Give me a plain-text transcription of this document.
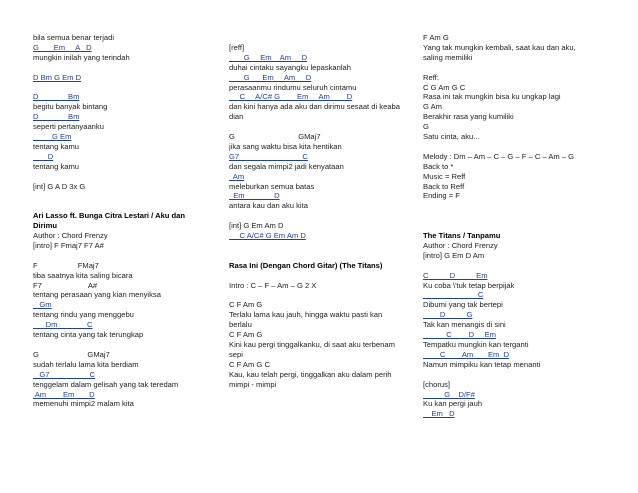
bila semua benar terjadi
G       Em     A   D
mungkin inilah yang terindah
D Bm G Em D
D              Bm
begitu banyak bintang
D              Bm
seperti pertanyaanku
G Em
tentang kamu
D
tentang kamu
[int] G A D 3x G
Ari Lasso ft. Bunga Citra Lestari / Aku dan
Dirimu
Author : Chord Frenzy
[intro] F Fmaj7 F7 A#
F                   FMaj7
tiba saatnya kita saling bicara
F7                      A#
tentang perasaan yang kian menyiksa
Gm
tentang rindu yang menggebu
Dm              C
tentang cinta yang tak terungkap
G                       GMaj7
sudah terlalu lama kita berdiam
G7                   C
tenggelam dalam gelisah yang tak teredam
Am        Em       D
memenuhi mimpi2 malam kita
[reff]
G     Em    Am     D
duhai cintaku sayangku lepaskanlah
G      Em     Am     D
perasaanmu rindumu seluruh cintamu
C     A/C# G        Em     Am        D
dan kini hanya ada aku dan dirimu sesaat di keaba
dian
G                              GMaj7
jika sang waktu bisa kita hentikan
G7                              C
dan segala mimpi2 jadi kenyataan
Am
meleburkan semua batas
Em              D
antara kau dan aku kita
[int] G Em Am D
C A/C# G Em Am D
Rasa Ini (Dengan Chord Gitar) (The Titans)
Intro : C – F – Am – G 2 X
C F Am G
Terlalu lama kau jauh, hingga waktu pasti kan
berlalu
C F Am G
Kini kau pergi tinggalkanku, di saat aku terbenam
sepi
C F Am G C
Kau, kau telah pergi, tinggalkan aku dalam perih
mimpi - mimpi
F Am G
Yang tak mungkin kembali, saat kau dan aku,
saling memiliki
Reff:
C G Am G C
Rasa ini tak mungkin bisa ku ungkap lagi
G Am
Berakhir rasa yang kumiliki
G
Satu cinta, aku...
Melody : Dm – Am – C – G – F – C – Am – G
Back to *
Music = Reff
Back to Reff
Ending = F
The Titans / Tanpamu
Author : Chord Frenzy
[intro] G Em D Am
C          D          Em
Ku coba \'tuk tetap berpijak
C
Dibumi yang tak bertepi
D          G
Tak kan menangis di sini
C        D     Em
Tempatku mungkin kan terganti
C        Am       Em  D
Namun mimpiku kan tetap menanti
[chorus]
G    D/F#
Ku kan pergi jauh
Em   D
